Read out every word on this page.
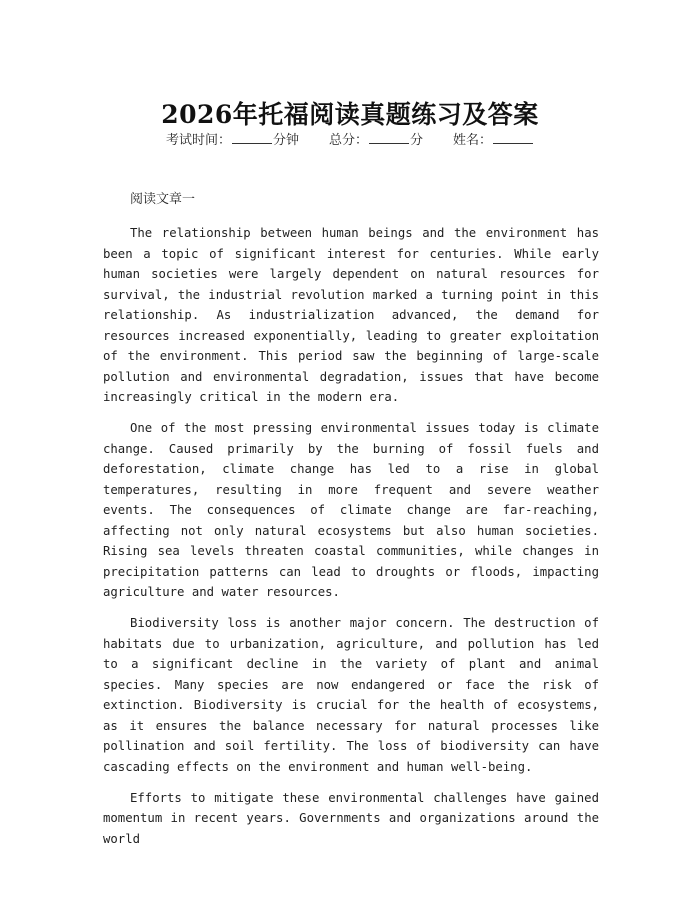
2026年托福阅读真题练习及答案
考试时间：	分钟 总分：	分 姓名：
阅读文章一

The relationship between human beings and the environment has been a topic of significant interest for centuries. While early human societies were largely dependent on natural resources for survival, the industrial revolution marked a turning point in this relationship. As industrialization advanced, the demand for resources increased exponentially, leading to greater exploitation of the environment. This period saw the beginning of large-scale pollution and environmental degradation, issues that have become increasingly critical in the modern era.

One of the most pressing environmental issues today is climate change. Caused primarily by the burning of fossil fuels and deforestation, climate change has led to a rise in global temperatures, resulting in more frequent and severe weather events. The consequences of climate change are far-reaching, affecting not only natural ecosystems but also human societies. Rising sea levels threaten coastal communities, while changes in precipitation patterns can lead to droughts or floods, impacting agriculture and water resources.

Biodiversity loss is another major concern. The destruction of habitats due to urbanization, agriculture, and pollution has led to a significant decline in the variety of plant and animal species. Many species are now endangered or face the risk of extinction. Biodiversity is crucial for the health of ecosystems, as it ensures the balance necessary for natural processes like pollination and soil fertility. The loss of biodiversity can have cascading effects on the environment and human well-being.

Efforts to mitigate these environmental challenges have gained momentum in recent years. Governments and organizations around the world
